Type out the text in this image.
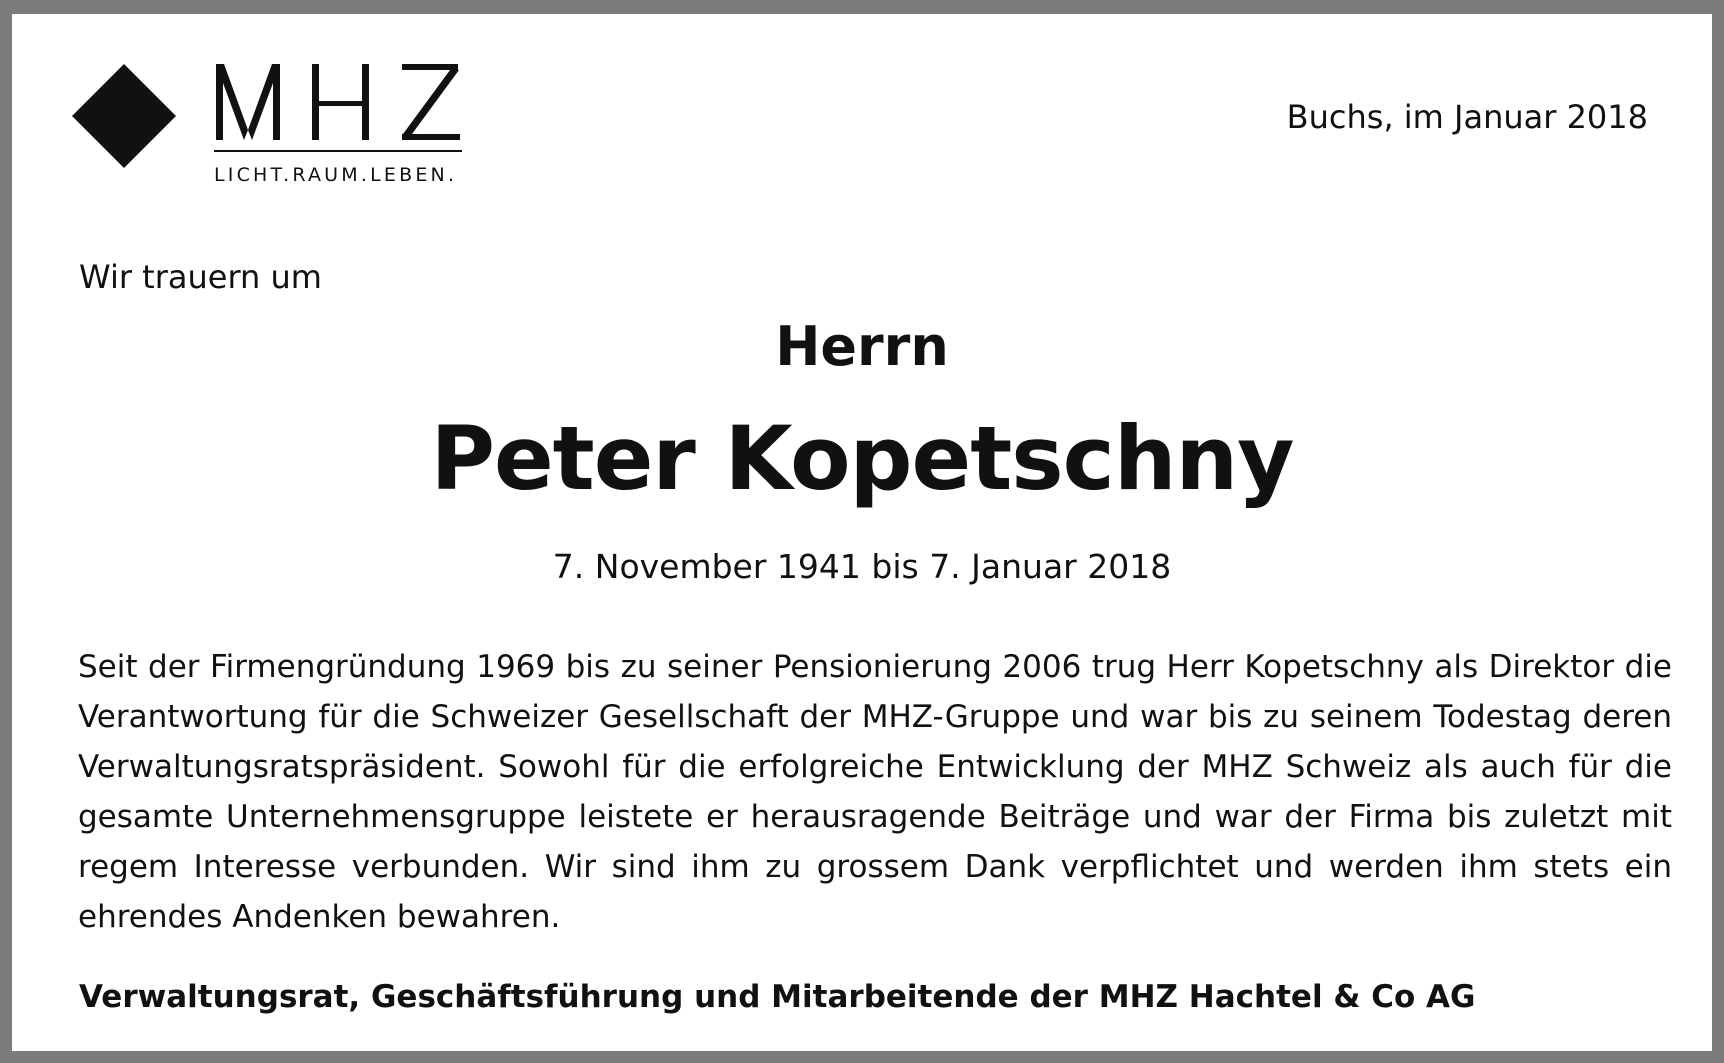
LICHT.RAUM.LEBEN.
Buchs, im Januar 2018
Wir trauern um
Herrn
Peter Kopetschny
7. November 1941 bis 7. Januar 2018

Seit der Firmengründung 1969 bis zu seiner Pensionierung 2006 trug Herr Kopetschny als Direktor die Verantwortung für die Schweizer Gesellschaft der MHZ-Gruppe und war bis zu seinem Todestag deren Verwaltungsratspräsident. Sowohl für die erfolgreiche Entwicklung der MHZ Schweiz als auch für die gesamte Unternehmensgruppe leistete er herausragende Beiträge und war der Firma bis zuletzt mit regem Interesse verbunden. Wir sind ihm zu grossem Dank verpflichtet und werden ihm stets ein ehrendes Andenken bewahren.

Verwaltungsrat, Geschäftsführung und Mitarbeitende der MHZ Hachtel & Co AG
